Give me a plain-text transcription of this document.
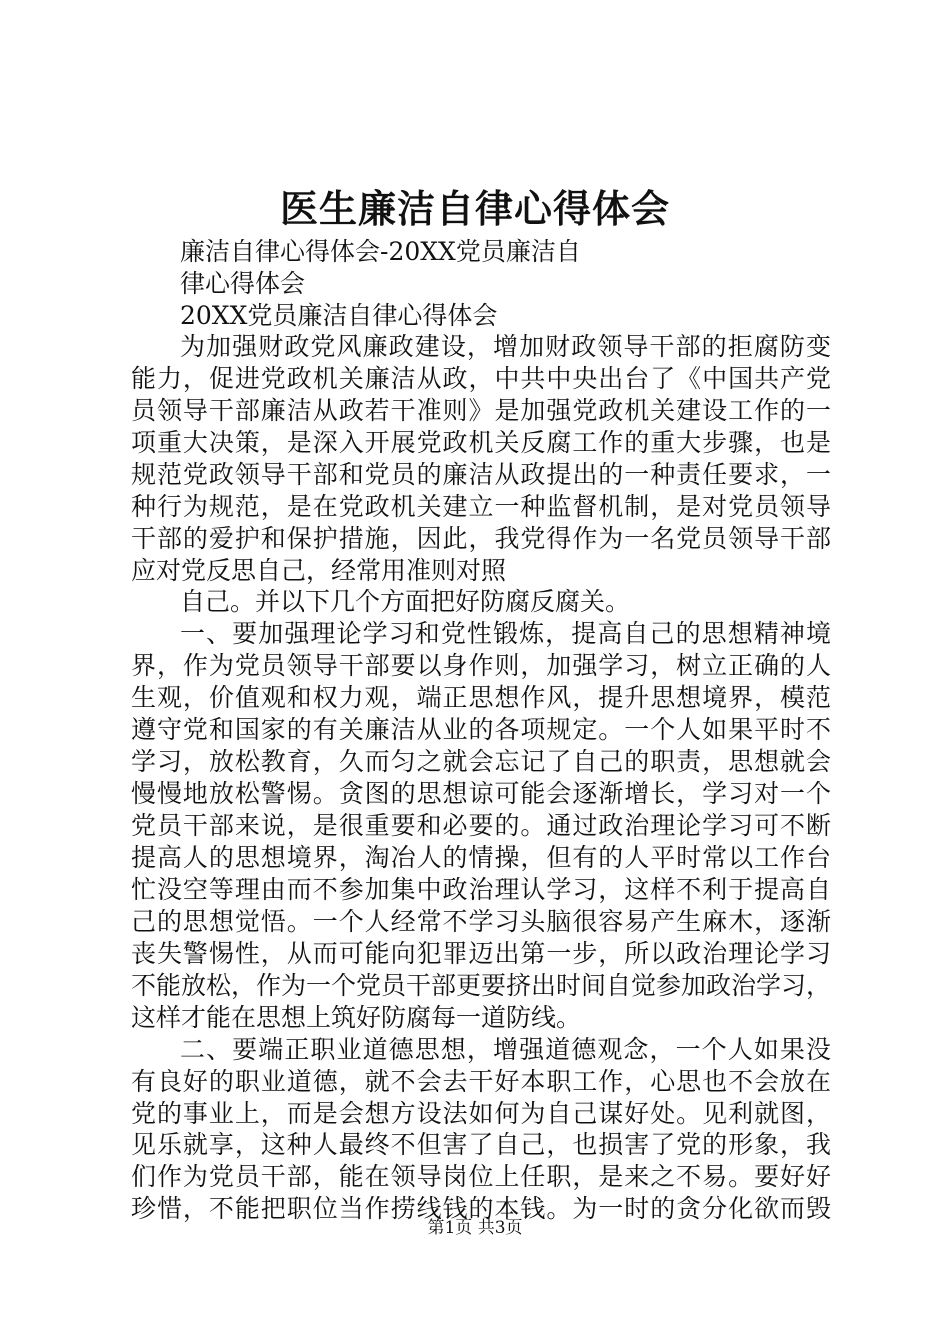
医生廉洁自律心得体会
廉洁自律心得体会-20XX党员廉洁自
律心得体会
20XX党员廉洁自律心得体会
为加强财政党风廉政建设，增加财政领导干部的拒腐防变
能力，促进党政机关廉洁从政，中共中央出台了《中国共产党
员领导干部廉洁从政若干准则》是加强党政机关建设工作的一
项重大决策，是深入开展党政机关反腐工作的重大步骤，也是
规范党政领导干部和党员的廉洁从政提出的一种责任要求，一
种行为规范，是在党政机关建立一种监督机制，是对党员领导
干部的爱护和保护措施，因此，我党得作为一名党员领导干部
应对党反思自己，经常用准则对照
自己。并以下几个方面把好防腐反腐关。
一、要加强理论学习和党性锻炼，提高自己的思想精神境
界，作为党员领导干部要以身作则，加强学习，树立正确的人
生观，价值观和权力观，端正思想作风，提升思想境界，模范
遵守党和国家的有关廉洁从业的各项规定。一个人如果平时不
学习，放松教育，久而匀之就会忘记了自己的职责，思想就会
慢慢地放松警惕。贪图的思想谅可能会逐渐增长，学习对一个
党员干部来说，是很重要和必要的。通过政治理论学习可不断
提高人的思想境界，淘冶人的情操，但有的人平时常以工作台
忙没空等理由而不参加集中政治理认学习，这样不利于提高自
己的思想觉悟。一个人经常不学习头脑很容易产生麻木，逐渐
丧失警惕性，从而可能向犯罪迈出第一步，所以政治理论学习
不能放松，作为一个党员干部更要挤出时间自觉参加政治学习，
这样才能在思想上筑好防腐每一道防线。
二、要端正职业道德思想，增强道德观念，一个人如果没
有良好的职业道德，就不会去干好本职工作，心思也不会放在
党的事业上，而是会想方设法如何为自己谋好处。见利就图，
见乐就享，这种人最终不但害了自己，也损害了党的形象，我
们作为党员干部，能在领导岗位上任职，是来之不易。要好好
第1页 共3页
珍惜，不能把职位当作捞线钱的本钱。为一时的贪分化欲而毁
